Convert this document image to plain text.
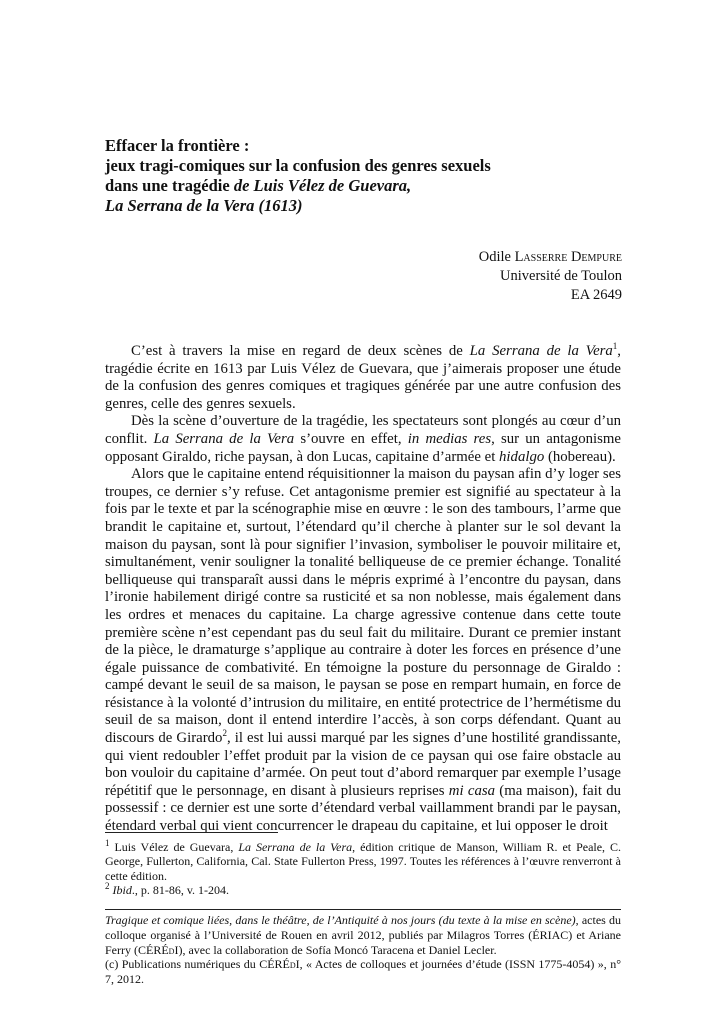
Effacer la frontière :
jeux tragi-comiques sur la confusion des genres sexuels
dans une tragédie de Luis Vélez de Guevara,
La Serrana de la Vera (1613)
Odile Lasserre Dempure
Université de Toulon
EA 2649

C’est à travers la mise en regard de deux scènes de La Serrana de la Vera$^1$, tragédie écrite en 1613 par Luis Vélez de Guevara, que j’aimerais proposer une étude de la confusion des genres comiques et tragiques générée par une autre confusion des genres, celle des genres sexuels.

Dès la scène d’ouverture de la tragédie, les spectateurs sont plongés au cœur d’un conflit. La Serrana de la Vera s’ouvre en effet, in medias res, sur un antagonisme opposant Giraldo, riche paysan, à don Lucas, capitaine d’armée et hidalgo (hobereau).

Alors que le capitaine entend réquisitionner la maison du paysan afin d’y loger ses troupes, ce dernier s’y refuse. Cet antagonisme premier est signifié au spectateur à la fois par le texte et par la scénographie mise en œuvre : le son des tambours, l’arme que brandit le capitaine et, surtout, l’étendard qu’il cherche à planter sur le sol devant la maison du paysan, sont là pour signifier l’invasion, symboliser le pouvoir militaire et, simultanément, venir souligner la tonalité belliqueuse de ce premier échange. Tonalité belliqueuse qui transparaît aussi dans le mépris exprimé à l’encontre du paysan, dans l’ironie habilement dirigé contre sa rusticité et sa non noblesse, mais également dans les ordres et menaces du capitaine. La charge agressive contenue dans cette toute première scène n’est cependant pas du seul fait du militaire. Durant ce premier instant de la pièce, le dramaturge s’applique au contraire à doter les forces en présence d’une égale puissance de combativité. En témoigne la posture du personnage de Giraldo : campé devant le seuil de sa maison, le paysan se pose en rempart humain, en force de résistance à la volonté d’intrusion du militaire, en entité protectrice de l’hermétisme du seuil de sa maison, dont il entend interdire l’accès, à son corps défendant. Quant au discours de Girardo$^2$, il est lui aussi marqué par les signes d’une hostilité grandissante, qui vient redoubler l’effet produit par la vision de ce paysan qui ose faire obstacle au bon vouloir du capitaine d’armée. On peut tout d’abord remarquer par exemple l’usage répétitif que le personnage, en disant à plusieurs reprises mi casa (ma maison), fait du possessif : ce dernier est une sorte d’étendard verbal vaillamment brandi par le paysan, étendard verbal qui vient concurrencer le drapeau du capitaine, et lui opposer le droit

$^1$ Luis Vélez de Guevara, La Serrana de la Vera, édition critique de Manson, William R. et Peale, C. George, Fullerton, California, Cal. State Fullerton Press, 1997. Toutes les références à l’œuvre renverront à cette édition.
$^2$ Ibid., p. 81-86, v. 1-204.
Tragique et comique liées, dans le théâtre, de l’Antiquité à nos jours (du texte à la mise en scène), actes du colloque organisé à l’Université de Rouen en avril 2012, publiés par Milagros Torres (ÉRIAC) et Ariane Ferry (CÉRÉdI), avec la collaboration de Sofía Moncó Taracena et Daniel Lecler.
(c) Publications numériques du CÉRÉdI, « Actes de colloques et journées d’étude (ISSN 1775-4054) », n° 7, 2012.
